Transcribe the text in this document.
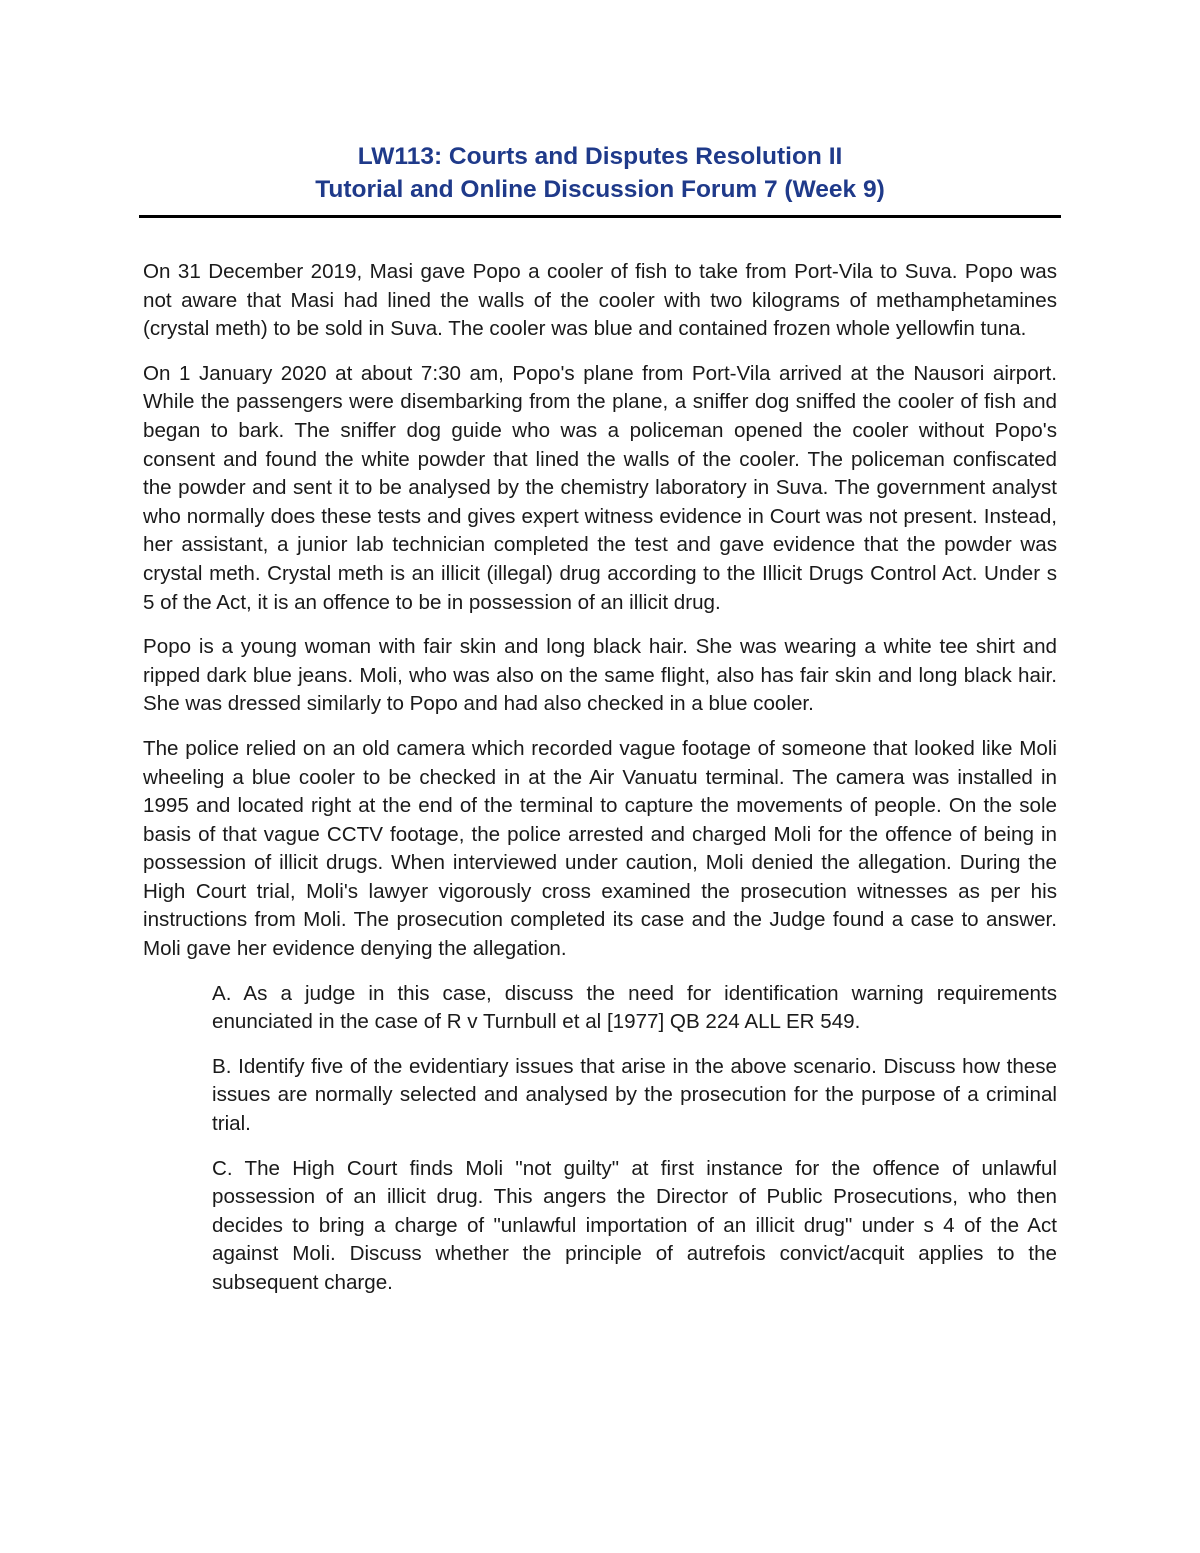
LW113: Courts and Disputes Resolution II
Tutorial and Online Discussion Forum 7 (Week 9)

On 31 December 2019, Masi gave Popo a cooler of fish to take from Port-Vila to Suva. Popo was not aware that Masi had lined the walls of the cooler with two kilograms of methamphetamines (crystal meth) to be sold in Suva. The cooler was blue and contained frozen whole yellowfin tuna.

On 1 January 2020 at about 7:30 am, Popo's plane from Port-Vila arrived at the Nausori airport. While the passengers were disembarking from the plane, a sniffer dog sniffed the cooler of fish and began to bark. The sniffer dog guide who was a policeman opened the cooler without Popo's consent and found the white powder that lined the walls of the cooler. The policeman confiscated the powder and sent it to be analysed by the chemistry laboratory in Suva. The government analyst who normally does these tests and gives expert witness evidence in Court was not present. Instead, her assistant, a junior lab technician completed the test and gave evidence that the powder was crystal meth. Crystal meth is an illicit (illegal) drug according to the Illicit Drugs Control Act. Under s 5 of the Act, it is an offence to be in possession of an illicit drug.

Popo is a young woman with fair skin and long black hair. She was wearing a white tee shirt and ripped dark blue jeans. Moli, who was also on the same flight, also has fair skin and long black hair. She was dressed similarly to Popo and had also checked in a blue cooler.

The police relied on an old camera which recorded vague footage of someone that looked like Moli wheeling a blue cooler to be checked in at the Air Vanuatu terminal. The camera was installed in 1995 and located right at the end of the terminal to capture the movements of people. On the sole basis of that vague CCTV footage, the police arrested and charged Moli for the offence of being in possession of illicit drugs. When interviewed under caution, Moli denied the allegation. During the High Court trial, Moli's lawyer vigorously cross examined the prosecution witnesses as per his instructions from Moli. The prosecution completed its case and the Judge found a case to answer. Moli gave her evidence denying the allegation.

A. As a judge in this case, discuss the need for identification warning requirements enunciated in the case of R v Turnbull et al [1977] QB 224 ALL ER 549.

B. Identify five of the evidentiary issues that arise in the above scenario. Discuss how these issues are normally selected and analysed by the prosecution for the purpose of a criminal trial.

C. The High Court finds Moli "not guilty" at first instance for the offence of unlawful possession of an illicit drug. This angers the Director of Public Prosecutions, who then decides to bring a charge of "unlawful importation of an illicit drug" under s 4 of the Act against Moli. Discuss whether the principle of autrefois convict/acquit applies to the subsequent charge.
